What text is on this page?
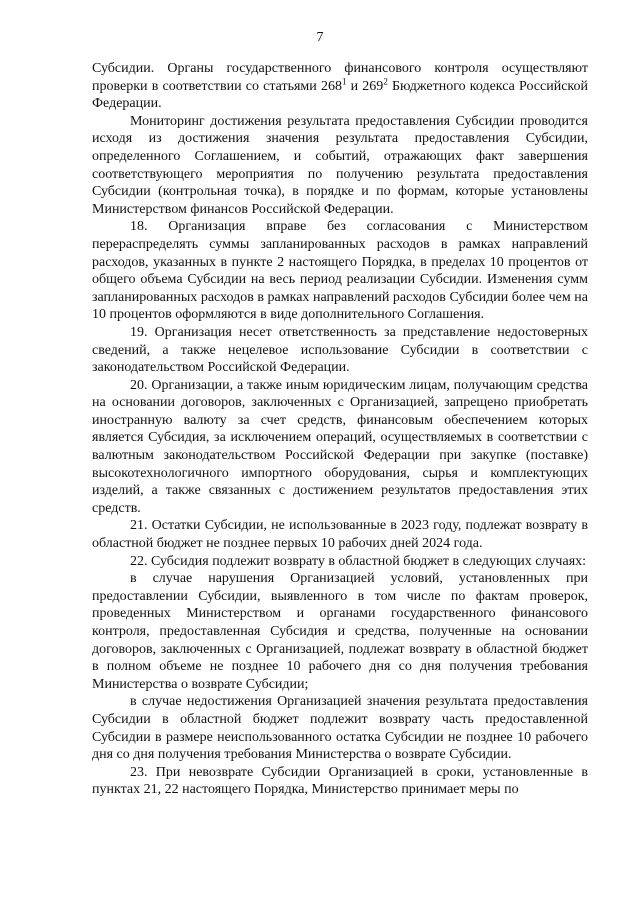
7

Субсидии. Органы государственного финансового контроля осуществляют проверки в соответствии со статьями $268^1$ и $269^2$ Бюджетного кодекса Российской Федерации.

Мониторинг достижения результата предоставления Субсидии проводится исходя из достижения значения результата предоставления Субсидии, определенного Соглашением, и событий, отражающих факт завершения соответствующего мероприятия по получению результата предоставления Субсидии (контрольная точка), в порядке и по формам, которые установлены Министерством финансов Российской Федерации.

18. Организация вправе без согласования с Министерством перераспределять суммы запланированных расходов в рамках направлений расходов, указанных в пункте 2 настоящего Порядка, в пределах 10 процентов от общего объема Субсидии на весь период реализации Субсидии. Изменения сумм запланированных расходов в рамках направлений расходов Субсидии более чем на 10 процентов оформляются в виде дополнительного Соглашения.

19. Организация несет ответственность за представление недостоверных сведений, а также нецелевое использование Субсидии в соответствии с законодательством Российской Федерации.

20. Организации, а также иным юридическим лицам, получающим средства на основании договоров, заключенных с Организацией, запрещено приобретать иностранную валюту за счет средств, финансовым обеспечением которых является Субсидия, за исключением операций, осуществляемых в соответствии с валютным законодательством Российской Федерации при закупке (поставке) высокотехнологичного импортного оборудования, сырья и комплектующих изделий, а также связанных с достижением результатов предоставления этих средств.

21. Остатки Субсидии, не использованные в 2023 году, подлежат возврату в областной бюджет не позднее первых 10 рабочих дней 2024 года.

22. Субсидия подлежит возврату в областной бюджет в следующих случаях:

в случае нарушения Организацией условий, установленных при предоставлении Субсидии, выявленного в том числе по фактам проверок, проведенных Министерством и органами государственного финансового контроля, предоставленная Субсидия и средства, полученные на основании договоров, заключенных с Организацией, подлежат возврату в областной бюджет в полном объеме не позднее 10 рабочего дня со дня получения требования Министерства о возврате Субсидии;

в случае недостижения Организацией значения результата предоставления Субсидии в областной бюджет подлежит возврату часть предоставленной Субсидии в размере неиспользованного остатка Субсидии не позднее 10 рабочего дня со дня получения требования Министерства о возврате Субсидии.

23. При невозврате Субсидии Организацией в сроки, установленные в пунктах 21, 22 настоящего Порядка, Министерство принимает меры по
